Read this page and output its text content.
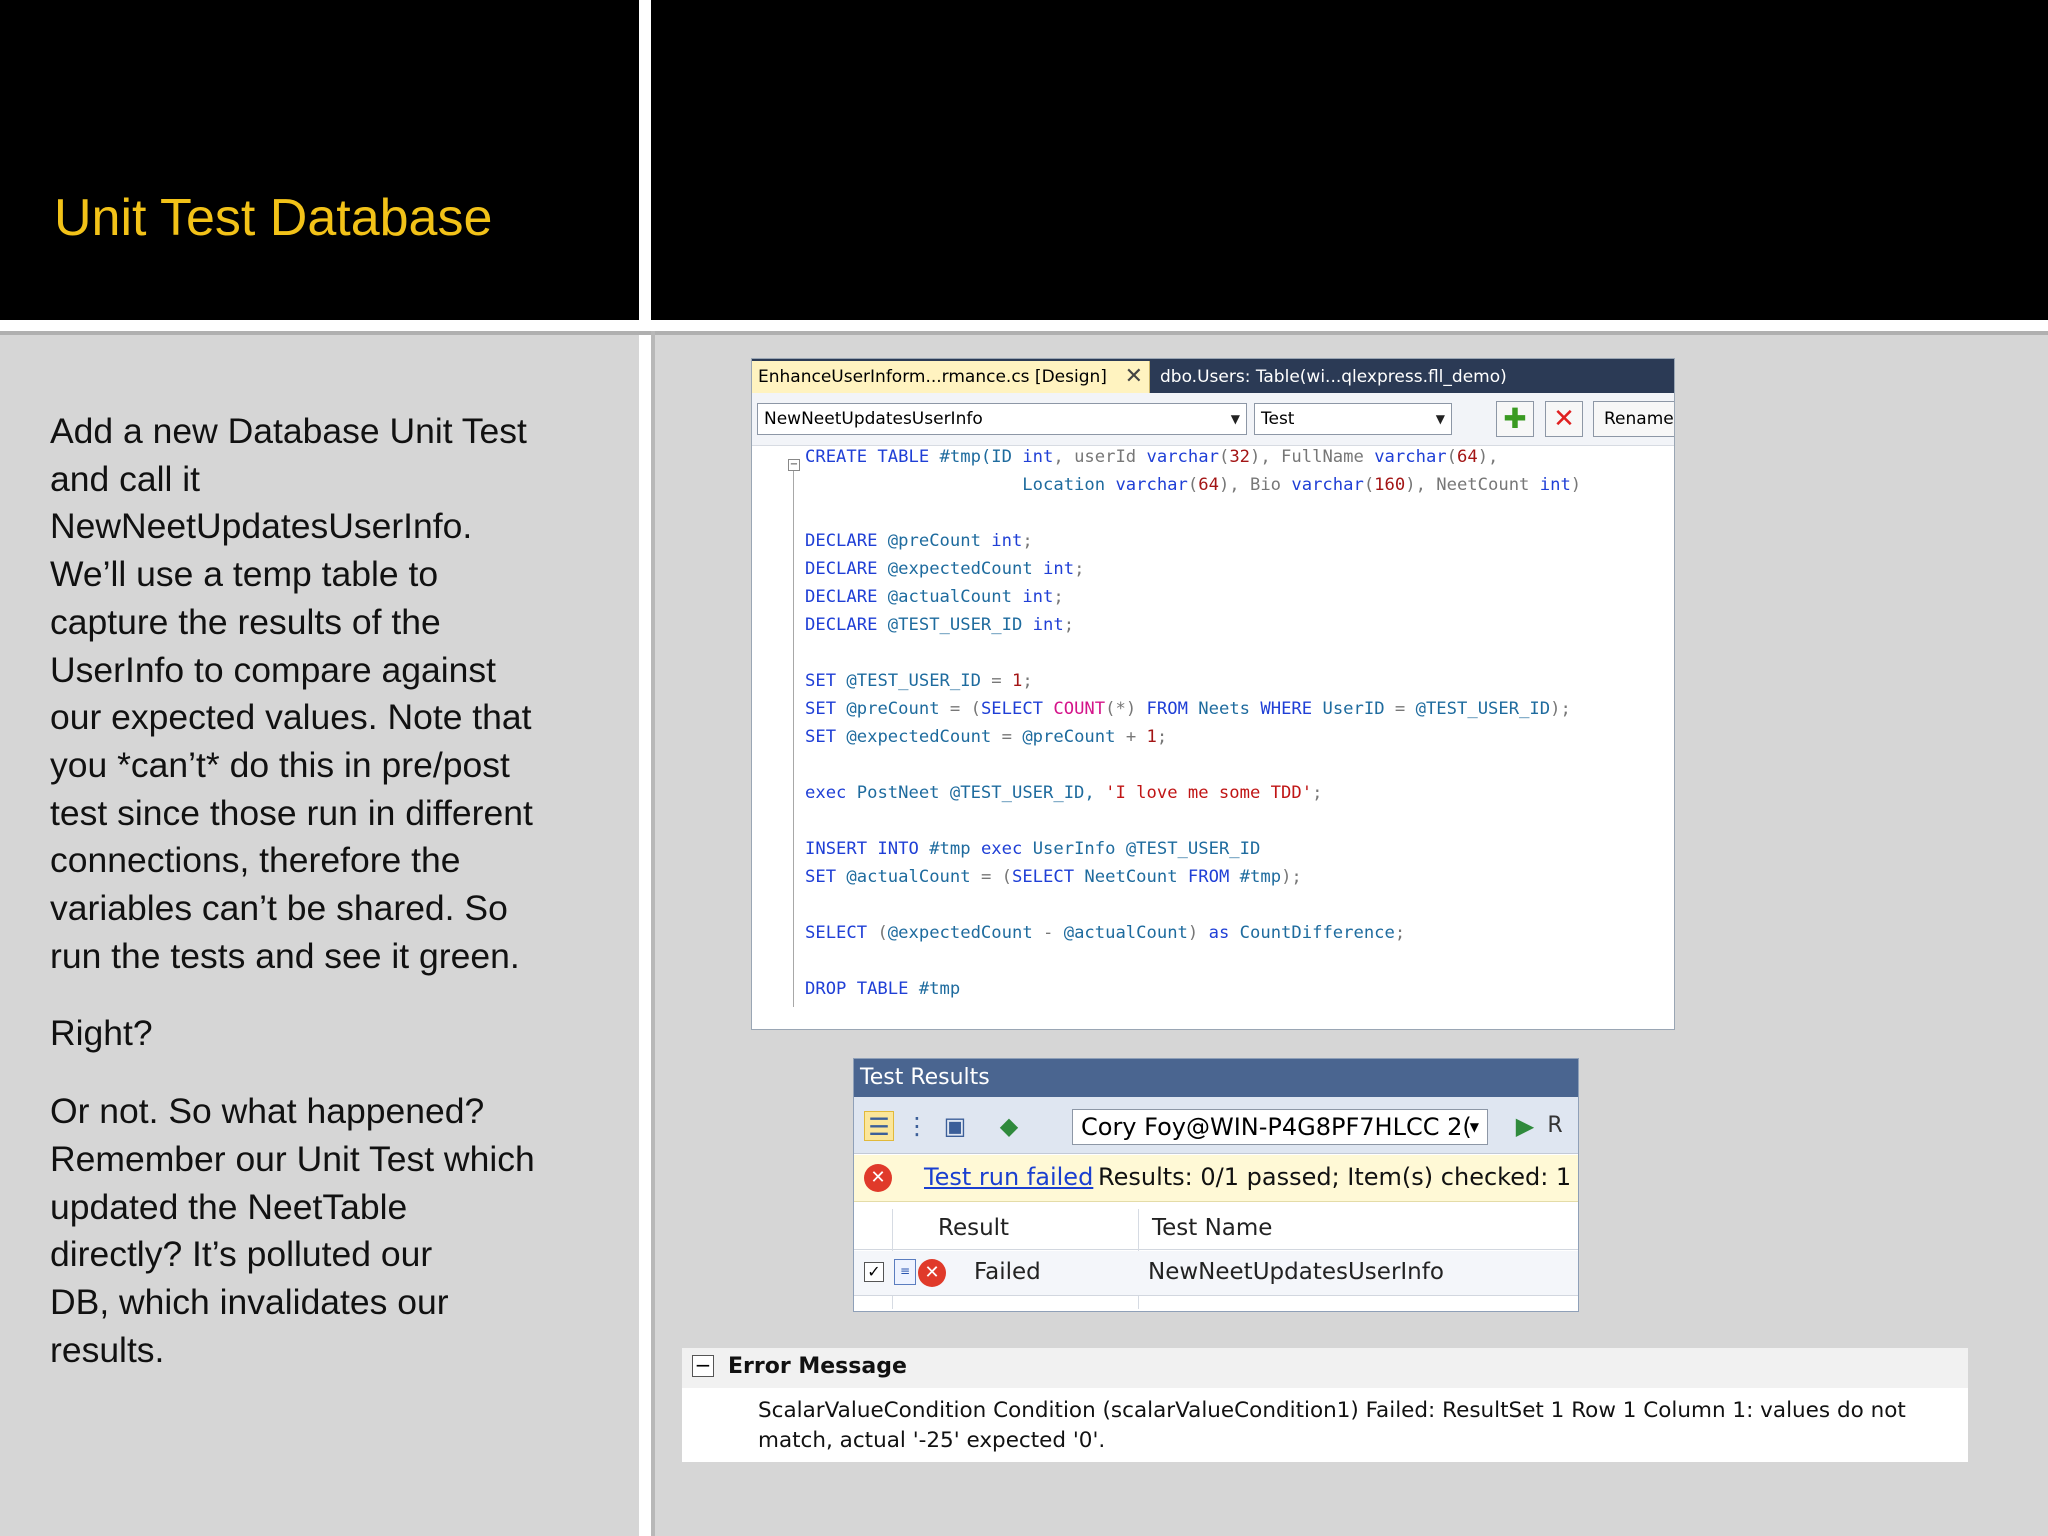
Unit Test Database

Add a new Database Unit Test

and call it

NewNeetUpdatesUserInfo.

We’ll use a temp table to

capture the results of the

UserInfo to compare against

our expected values. Note that

you *can’t* do this in pre/post

test since those run in different

connections, therefore the

variables can’t be shared. So

run the tests and see it green.

Right?

Or not. So what happened?

Remember our Unit Test which

updated the NeetTable

directly? It’s polluted our

DB, which invalidates our

results.

EnhanceUserInform...rmance.cs [Design] ✕ dbo.Users: Table(wi...qlexpress.fll_demo)
NewNeetUpdatesUserInfo	▼	Test	▼ ✚	✕	Rename
− CREATE TABLE #tmp(ID int, userId varchar(32), FullName varchar(64),
Location varchar(64), Bio varchar(160), NeetCount int)
DECLARE @preCount int;
DECLARE @expectedCount int;
DECLARE @actualCount int;
DECLARE @TEST_USER_ID int;
SET @TEST_USER_ID = 1;
SET @preCount = (SELECT COUNT(*) FROM Neets WHERE UserID = @TEST_USER_ID);
SET @expectedCount = @preCount + 1;
exec PostNeet @TEST_USER_ID, 'I love me some TDD';
INSERT INTO #tmp exec UserInfo @TEST_USER_ID
SET @actualCount = (SELECT NeetCount FROM #tmp);
SELECT (@expectedCount - @actualCount) as CountDifference;
DROP TABLE #tmp
Test Results
☰ ⋮ ▣ ◆	Cory Foy@WIN-P4G8PF7HLCC 2(
▼ ▶ R
✕ Test run failed Results: 0/1 passed; Item(s) checked: 1
Result	Test Name
✓	≡ ✕ Failed	NewNeetUpdatesUserInfo
− Error Message
ScalarValueCondition Condition (scalarValueCondition1) Failed: ResultSet 1 Row 1 Column 1: values do not match, actual '-25' expected '0'.
